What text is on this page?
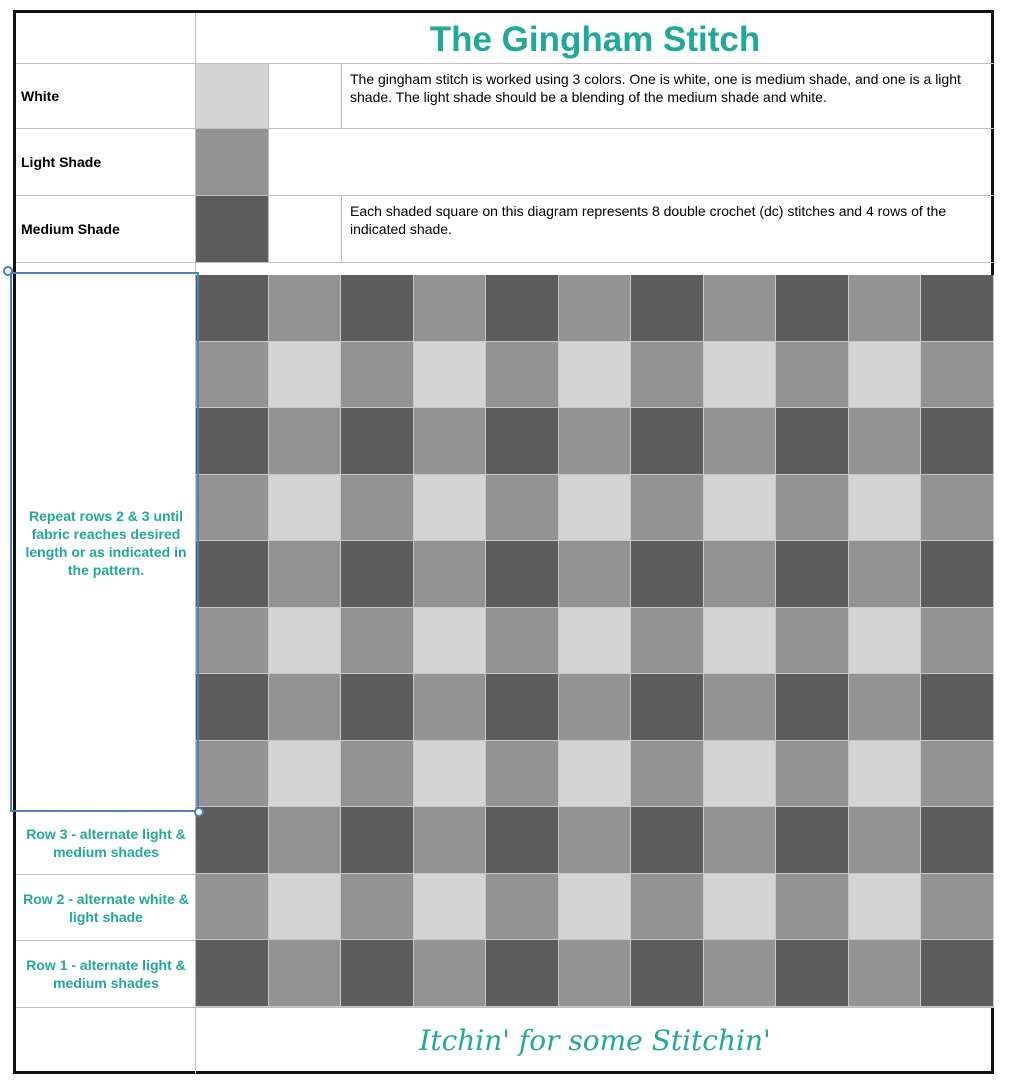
The Gingham Stitch
White
Light Shade
Medium Shade
The gingham stitch is worked using 3 colors. One is white, one is medium shade, and one is a light shade. The light shade should be a blending of the medium shade and white.
Each shaded square on this diagram represents 8 double crochet (dc) stitches and 4 rows of the indicated shade.
Repeat rows 2 & 3 until fabric reaches desired length or as indicated in the pattern.
Row 3 - alternate light & medium shades
Row 2 - alternate white & light shade
Row 1 - alternate light & medium shades
Itchin' for some Stitchin'
